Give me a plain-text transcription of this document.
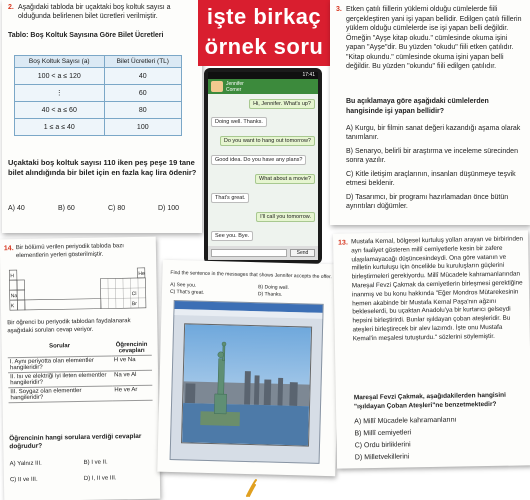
2. Aşağıdaki tabloda bir uçaktaki boş koltuk sayısı a olduğunda belirlenen bilet ücretleri verilmiştir.
Tablo: Boş Koltuk Sayısına Göre Bilet Ücretleri
Boş Koltuk Sayısı (a)	Bilet Ücretleri (TL)
100 < a ≤ 120	40
⋮	60
40 < a ≤ 60	80
1 ≤ a ≤ 40	100
Uçaktaki boş koltuk sayısı 110 iken peş peşe 19 tane bilet alındığında bir bilet için en fazla kaç lira ödenir?
A) 40	B) 60	C) 80	D) 100
işte birkaç
örnek soru
17:41
Jennifer Corner
Hi, Jennifer. What's up?
Doing well. Thanks.
Do you want to hang out tomorrow?
Good idea. Do you have any plans?
What about a movie?
That's great.
I'll call you tomorrow.
See you. Bye.
Send
3. Etken çatılı fiillerin yüklemi olduğu cümlelerde fiili gerçekleştiren yani işi yapan bellidir. Edilgen çatılı fiillerin yüklem olduğu cümlelerde ise işi yapan belli değildir. Örneğin "Ayşe kitap okudu." cümlesinde okuma işini yapan "Ayşe"dir. Bu yüzden "okudu" fiili etken çatılıdır. "Kitap okundu." cümlesinde okuma işini yapan belli değildir. Bu yüzden "okundu" fiili edilgen çatılıdır.
Bu açıklamaya göre aşağıdaki cümlelerden hangisinde işi yapan bellidir?
A) Kurgu, bir filmin sanat değeri kazandığı aşama olarak tanımlanır.
B) Senaryo, belirli bir araştırma ve inceleme sürecinden sonra yazılır.
C) Kitle iletişim araçlarının, insanları düşünmeye teşvik etmesi beklenir.
D) Tasarımcı, bir programı hazırlamadan önce bütün ayrıntıları düğümler.
14. Bir bölümü verilen periyodik tabloda bazı elementlerin yerleri gösterilmiştir.
H	He
Na	Cl
K	Br
Bir öğrenci bu periyodik tablodan faydalanarak aşağıdaki soruları cevap veriyor.
Sorular	Öğrencinin cevapları
I. Aynı periyotta olan elementler hangileridir?	H ve Na
II. Isı ve elektriği iyi ileten elementler hangileridir?	Na ve Al
III. Soygaz olan elementler hangileridir?	He ve Ar
Öğrencinin hangi sorulara verdiği cevaplar doğrudur?
A) Yalnız III.	B) I ve II.
C) II ve III.	D) I, II ve III.
Find the sentence in the messages that shows Jennifer accepts the offer.
A) See you.	B) Doing well.
C) That's great.	D) Thanks.
13. Mustafa Kemal, bölgesel kurtuluş yolları arayan ve birbirinden ayrı faaliyet gösteren millî cemiyetlerle kesin bir zafere ulaşılamayacağı düşüncesindeydi. Ona göre vatanın ve milletin kurtuluşu için öncelikle bu kuruluşların güçlerini birleştirmeleri gerekiyordu. Millî Mücadele kahramanlarından Mareşal Fevzi Çakmak da cemiyetlerin birleşmesi gerektiğine inanmış ve bu konu hakkında "Eğer Mondros Mütarekesinin hemen akabinde bir Mustafa Kemal Paşa'nın ağzını bekleselerdi, bu uçaktan Anadolu'ya bir kurtarıcı gelseydi hepsini birleştirirdi. Bunlar ışıldayan çoban ateşleridir. Bu ateşleri birleştirecek bir alev lazımdı. İşte onu Mustafa Kemal'in meşalesi tutuşturdu." sözlerini söylemiştir.
Mareşal Fevzi Çakmak, aşağıdakilerden hangisini "ışıldayan Çoban Ateşleri"ne benzetmektedir?
A) Millî Mücadele kahramanlarını
B) Millî cemiyetleri
C) Ordu birliklerini
D) Milletvekillerini
